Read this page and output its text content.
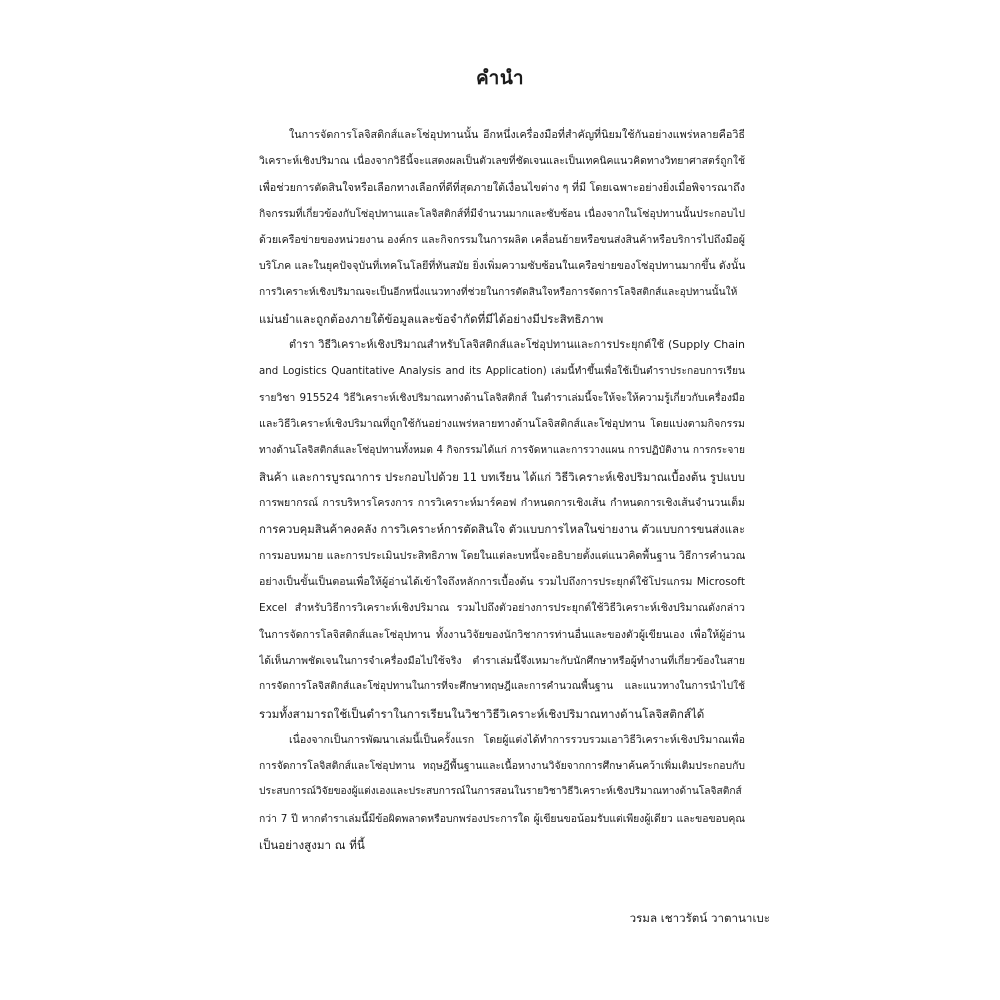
คำนำ
ในการจัดการโลจิสติกส์และโซ่อุปทานนั้น อีกหนึ่งเครื่องมือที่สำคัญที่นิยมใช้กันอย่างแพร่หลายคือวิธี
วิเคราะห์เชิงปริมาณ เนื่องจากวิธีนี้จะแสดงผลเป็นตัวเลขที่ชัดเจนและเป็นเทคนิคแนวคิดทางวิทยาศาสตร์ถูกใช้
เพื่อช่วยการตัดสินใจหรือเลือกทางเลือกที่ดีที่สุดภายใต้เงื่อนไขต่าง ๆ ที่มี โดยเฉพาะอย่างยิ่งเมื่อพิจารณาถึง
กิจกรรมที่เกี่ยวข้องกับโซ่อุปทานและโลจิสติกส์ที่มีจำนวนมากและซับซ้อน เนื่องจากในโซ่อุปทานนั้นประกอบไป
ด้วยเครือข่ายของหน่วยงาน องค์กร และกิจกรรมในการผลิต เคลื่อนย้ายหรือขนส่งสินค้าหรือบริการไปถึงมือผู้
บริโภค และในยุคปัจจุบันที่เทคโนโลยีที่ทันสมัย ยิ่งเพิ่มความซับซ้อนในเครือข่ายของโซ่อุปทานมากขึ้น ดังนั้น
การวิเคราะห์เชิงปริมาณจะเป็นอีกหนึ่งแนวทางที่ช่วยในการตัดสินใจหรือการจัดการโลจิสติกส์และอุปทานนั้นให้
แม่นยำและถูกต้องภายใต้ข้อมูลและข้อจำกัดที่มีได้อย่างมีประสิทธิภาพ
ตำรา วิธีวิเคราะห์เชิงปริมาณสำหรับโลจิสติกส์และโซ่อุปทานและการประยุกต์ใช้ (Supply Chain
and Logistics Quantitative Analysis and its Application) เล่มนี้ทำขึ้นเพื่อใช้เป็นตำราประกอบการเรียน
รายวิชา 915524 วิธีวิเคราะห์เชิงปริมาณทางด้านโลจิสติกส์ ในตำราเล่มนี้จะให้จะให้ความรู้เกี่ยวกับเครื่องมือ
และวิธีวิเคราะห์เชิงปริมาณที่ถูกใช้กันอย่างแพร่หลายทางด้านโลจิสติกส์และโซ่อุปทาน โดยแบ่งตามกิจกรรม
ทางด้านโลจิสติกส์และโซ่อุปทานทั้งหมด 4 กิจกรรมได้แก่ การจัดหาและการวางแผน การปฏิบัติงาน การกระจาย
สินค้า และการบูรณาการ ประกอบไปด้วย 11 บทเรียน ได้แก่ วิธีวิเคราะห์เชิงปริมาณเบื้องต้น รูปแบบ
การพยากรณ์ การบริหารโครงการ การวิเคราะห์มาร์คอฟ กำหนดการเชิงเส้น กำหนดการเชิงเส้นจำนวนเต็ม
การควบคุมสินค้าคงคลัง การวิเคราะห์การตัดสินใจ ตัวแบบการไหลในข่ายงาน ตัวแบบการขนส่งและ
การมอบหมาย และการประเมินประสิทธิภาพ โดยในแต่ละบทนี้จะอธิบายตั้งแต่แนวคิดพื้นฐาน วิธีการคำนวณ
อย่างเป็นขั้นเป็นตอนเพื่อให้ผู้อ่านได้เข้าใจถึงหลักการเบื้องต้น รวมไปถึงการประยุกต์ใช้โปรแกรม Microsoft
Excel สำหรับวิธีการวิเคราะห์เชิงปริมาณ รวมไปถึงตัวอย่างการประยุกต์ใช้วิธีวิเคราะห์เชิงปริมาณดังกล่าว
ในการจัดการโลจิสติกส์และโซ่อุปทาน ทั้งงานวิจัยของนักวิชาการท่านอื่นและของตัวผู้เขียนเอง เพื่อให้ผู้อ่าน
ได้เห็นภาพชัดเจนในการจำเครื่องมือไปใช้จริง ตำราเล่มนี้จึงเหมาะกับนักศึกษาหรือผู้ทำงานที่เกี่ยวข้องในสาย
การจัดการโลจิสติกส์และโซ่อุปทานในการที่จะศึกษาทฤษฎีและการคำนวณพื้นฐาน และแนวทางในการนำไปใช้
รวมทั้งสามารถใช้เป็นตำราในการเรียนในวิชาวิธีวิเคราะห์เชิงปริมาณทางด้านโลจิสติกส์ได้
เนื่องจากเป็นการพัฒนาเล่มนี้เป็นครั้งแรก โดยผู้แต่งได้ทำการรวบรวมเอาวิธีวิเคราะห์เชิงปริมาณเพื่อ
การจัดการโลจิสติกส์และโซ่อุปทาน ทฤษฎีพื้นฐานและเนื้อหางานวิจัยจากการศึกษาค้นคว้าเพิ่มเติมประกอบกับ
ประสบการณ์วิจัยของผู้แต่งเองและประสบการณ์ในการสอนในรายวิชาวิธีวิเคราะห์เชิงปริมาณทางด้านโลจิสติกส์
กว่า 7 ปี หากตำราเล่มนี้มีข้อผิดพลาดหรือบกพร่องประการใด ผู้เขียนขอน้อมรับแต่เพียงผู้เดียว และขอขอบคุณ
เป็นอย่างสูงมา ณ ที่นี้
วรมล เชาวรัตน์ วาตานาเบะ
